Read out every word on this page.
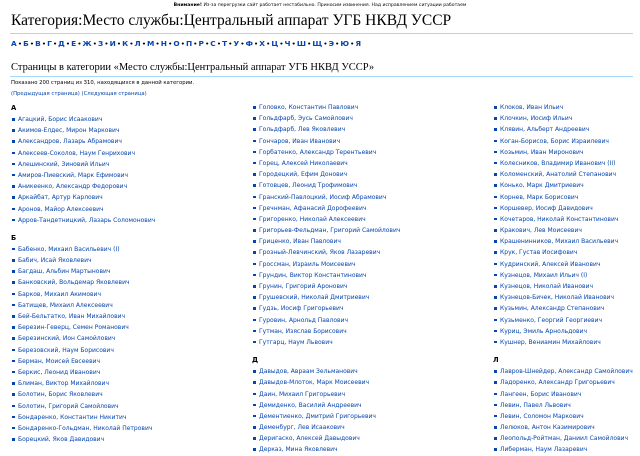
Внимание! Из-за перегрузки сайт работает нестабильно. Приносим извинения. Над исправлением ситуации работаем
Категория:Место службы:Центральный аппарат УГБ НКВД УССР
А•Б•В•Г•Д•Е•Ж•З•И•К•Л•М•Н•О•П•Р•С•Т•У•Ф•Х•Ц•Ч•Ш•Щ•Э•Ю•Я
Страницы в категории «Место службы:Центральный аппарат УГБ НКВД УССР»
Показано 200 страниц из 310, находящихся в данной категории.
(Предыдущая страница) (Следующая страница)
А
Агацкий, Борис Исаакович
Акимов-Елдес, Мирон Маркович
Александров, Лазарь Абрамович
Алексеев-Соколов, Наум Генрихович
Алешинский, Зиновий Ильич
Амиров-Пиевский, Марк Ефимович
Аникеенко, Александр Федорович
Аркайбат, Артур Карлович
Аронов, Майор Алексеевич
Арров-Тандетницкий, Лазарь Соломонович
Б
Бабенко, Михаил Васильевич (I)
Бабич, Исай Яковлевич
Багдаш, Альбин Мартынович
Банковский, Вольдемар Яковлевич
Барков, Михаил Акимович
Батищев, Михаил Алексеевич
Бей-Бельтатко, Иван Михайлович
Березин-Геверц, Семен Романович
Березинский, Ион Самойлович
Березовский, Наум Борисович
Берман, Моисей Евсеевич
Беркис, Леонид Иванович
Блиман, Виктор Михайлович
Болотин, Борис Яковлевич
Болотин, Григорий Самойлович
Бондаренко, Константин Никитич
Бондаренко-Гольдман, Николай Петрович
Борецкий, Яков Давидович
Головко, Константин Павлович
Гольдфарб, Эусь Самойлович
Гольдфарб, Лев Яковлевич
Гончаров, Иван Иванович
Горбатенко, Александр Терентьевич
Горец, Алексей Николаевич
Городецкий, Ефим Донович
Готовцев, Леонид Трофимович
Гранский-Павлоцкий, Иосиф Абрамович
Гречнман, Афанасий Дорофеевич
Григоренко, Николай Алексеевич
Григорьев-Фельдман, Григорий Самойлович
Гриценко, Иван Павлович
Грозный-Левчинский, Яков Лазаревич
Гроссман, Израиль Моисеевич
Грундин, Виктор Константинович
Грунин, Григорий Аронович
Грушевский, Николай Дмитриевич
Гудзь, Иосиф Григорьевич
Гуровин, Арнольд Павлович
Гутман, Изяслав Борисович
Гутгарц, Наум Львович
Д
Давыдов, Авраам Зельманович
Давыдов-Млоток, Марк Моисеевич
Даин, Михаил Григорьевич
Демиденко, Василий Андреевич
Дементиенко, Дмитрий Григорьевич
Деменбург, Лев Исаакович
Деригаско, Алексей Давыдович
Дерказ, Мина Яковлевич
Клоков, Иван Ильич
Клочкин, Иосиф Ильич
Клявин, Альберт Андреевич
Коган-Борисов, Борис Израилевич
Козьмин, Иван Миронович
Колесников, Владимир Иванович (II)
Коломенский, Анатолий Степанович
Конько, Марк Дмитриевич
Корнев, Марк Борисович
Коршевер, Иосиф Давидович
Кочетаров, Николай Константинович
Кракович, Лев Моисеевич
Крашенинников, Михаил Васильевич
Крук, Густав Иосифович
Кудринский, Алексей Иванович
Кузнецов, Михаил Ильич (I)
Кузнецов, Николай Иванович
Кузнецов-Бичек, Николай Иванович
Кузьмин, Александр Степанович
Кузьменко, Георгий Георгиевич
Куриц, Эмиль Арнольдович
Кушнер, Вениамин Михайлович
Л
Лавров-Шнейдер, Александр Самойлович
Ладоренко, Александр Григорьевич
Лангеен, Борис Иванович
Левин, Павел Львович
Левин, Соломон Маркович
Лелюков, Антон Казимирович
Леопольд-Ройтман, Даниил Самойлович
Либерман, Наум Лазаревич
